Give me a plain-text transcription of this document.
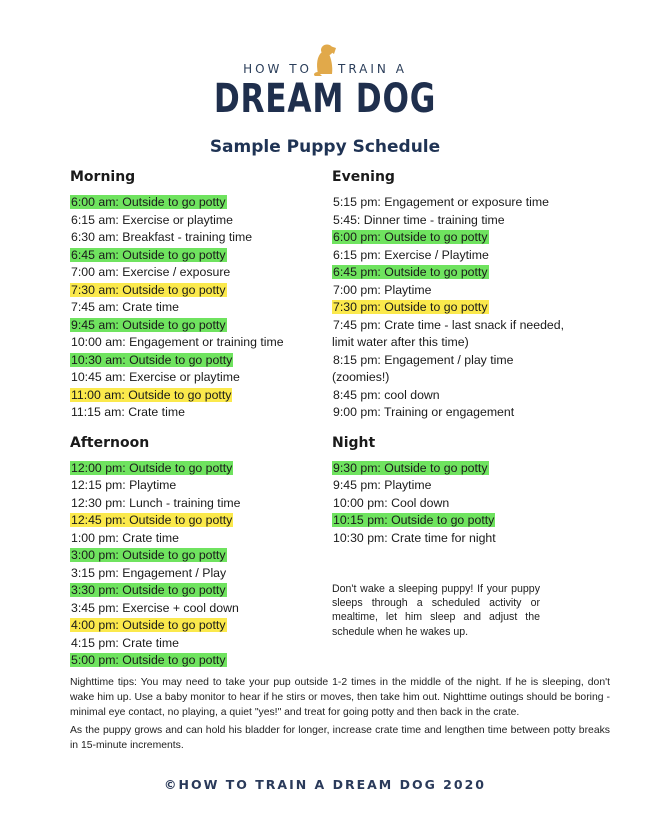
HOW TO TRAIN A
DREAM DOG
Sample Puppy Schedule
Morning
6:00 am: Outside to go potty
6:15 am: Exercise or playtime
6:30 am: Breakfast - training time
6:45 am: Outside to go potty
7:00 am: Exercise / exposure
7:30 am: Outside to go potty
7:45 am: Crate time
9:45 am: Outside to go potty
10:00 am: Engagement or training time
10:30 am: Outside to go potty
10:45 am: Exercise or playtime
11:00 am: Outside to go potty
11:15 am: Crate time
Afternoon
12:00 pm: Outside to go potty
12:15 pm: Playtime
12:30 pm: Lunch - training time
12:45 pm: Outside to go potty
1:00 pm: Crate time
3:00 pm: Outside to go potty
3:15 pm: Engagement / Play
3:30 pm: Outside to go potty
3:45 pm: Exercise + cool down
4:00 pm: Outside to go potty
4:15 pm: Crate time
5:00 pm: Outside to go potty
Evening
5:15 pm: Engagement or exposure time
5:45: Dinner time - training time
6:00 pm: Outside to go potty
6:15 pm: Exercise / Playtime
6:45 pm: Outside to go potty
7:00 pm: Playtime
7:30 pm: Outside to go potty
7:45 pm: Crate time - last snack if needed, limit water after this time)
8:15 pm: Engagement / play time (zoomies!)
8:45 pm: cool down
9:00 pm: Training or engagement
Night
9:30 pm: Outside to go potty
9:45 pm: Playtime
10:00 pm: Cool down
10:15 pm: Outside to go potty
10:30 pm: Crate time for night
Don't wake a sleeping puppy! If your puppy sleeps through a scheduled activity or mealtime, let him sleep and adjust the schedule when he wakes up.

Nighttime tips: You may need to take your pup outside 1-2 times in the middle of the night. If he is sleeping, don't wake him up. Use a baby monitor to hear if he stirs or moves, then take him out. Nighttime outings should be boring - minimal eye contact, no playing, a quiet "yes!" and treat for going potty and then back in the crate.

As the puppy grows and can hold his bladder for longer, increase crate time and lengthen time between potty breaks in 15-minute increments.

©HOW TO TRAIN A DREAM DOG 2020
